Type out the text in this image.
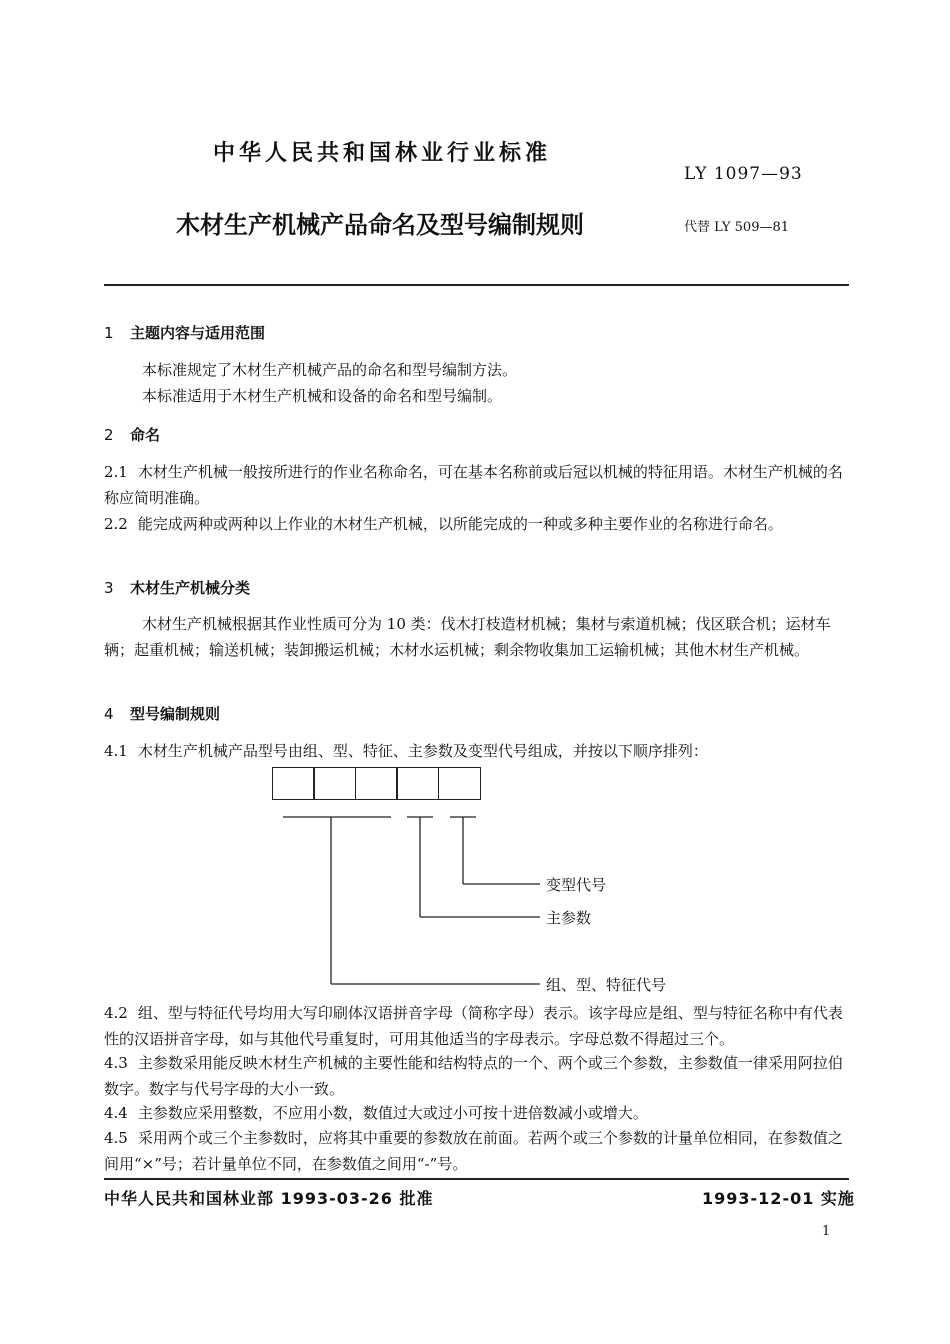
中华人民共和国林业行业标准
LY 1097—93
木材生产机械产品命名及型号编制规则	代替 LY 509—81
1 主题内容与适用范围
本标准规定了木材生产机械产品的命名和型号编制方法。
本标准适用于木材生产机械和设备的命名和型号编制。
2 命名
2.1 木材生产机械一般按所进行的作业名称命名，可在基本名称前或后冠以机械的特征用语。木材生产机械的名称应简明准确。
2.2 能完成两种或两种以上作业的木材生产机械，以所能完成的一种或多种主要作业的名称进行命名。
3 木材生产机械分类
木材生产机械根据其作业性质可分为 10 类：伐木打枝造材机械；集材与索道机械；伐区联合机；运材车辆；起重机械；输送机械；装卸搬运机械；木材水运机械；剩余物收集加工运输机械；其他木材生产机械。
4 型号编制规则
4.1 木材生产机械产品型号由组、型、特征、主参数及变型代号组成，并按以下顺序排列：
变型代号
主参数
组、型、特征代号
4.2 组、型与特征代号均用大写印刷体汉语拼音字母（简称字母）表示。该字母应是组、型与特征名称中有代表性的汉语拼音字母，如与其他代号重复时，可用其他适当的字母表示。字母总数不得超过三个。
4.3 主参数采用能反映木材生产机械的主要性能和结构特点的一个、两个或三个参数，主参数值一律采用阿拉伯数字。数字与代号字母的大小一致。
4.4 主参数应采用整数，不应用小数，数值过大或过小可按十进倍数减小或增大。
4.5 采用两个或三个主参数时，应将其中重要的参数放在前面。若两个或三个参数的计量单位相同，在参数值之间用“×”号；若计量单位不同，在参数值之间用“-”号。
中华人民共和国林业部 1993-03-26 批准	1993-12-01 实施
1
